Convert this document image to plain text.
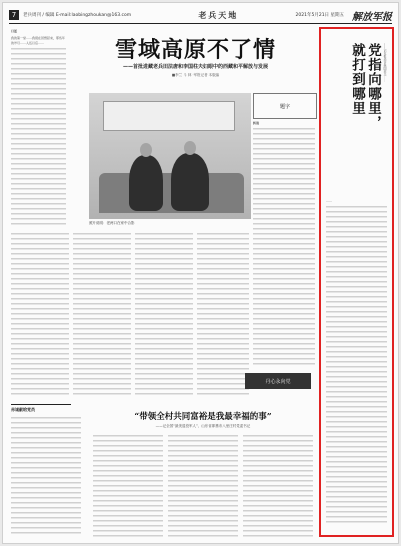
7	老兵周刊 / 编辑 E-mail:laobingzhoukan@163.com	老兵天地	2021年5月21日 星期五 解放军报
口述
我的第一堂……我现在回想起来，那些年的岁月……入伍以后……	雪域高原不了情
——首批进藏老兵田法唐和李国柱夫妇眼中的西藏和平解放与发展
■李兰 斗 林 ·军报记者 本版编
照片说明：老两口在家中合影
题字
转战
丹心永向党
赤诚献给党员
“带领全村共同富裕是我最幸福的事”
——记全国“最美退役军人”、山东省即墨市八里庄村党委书记
党指向哪里，
就打到哪里	——记本报采访我国老兵……
……
